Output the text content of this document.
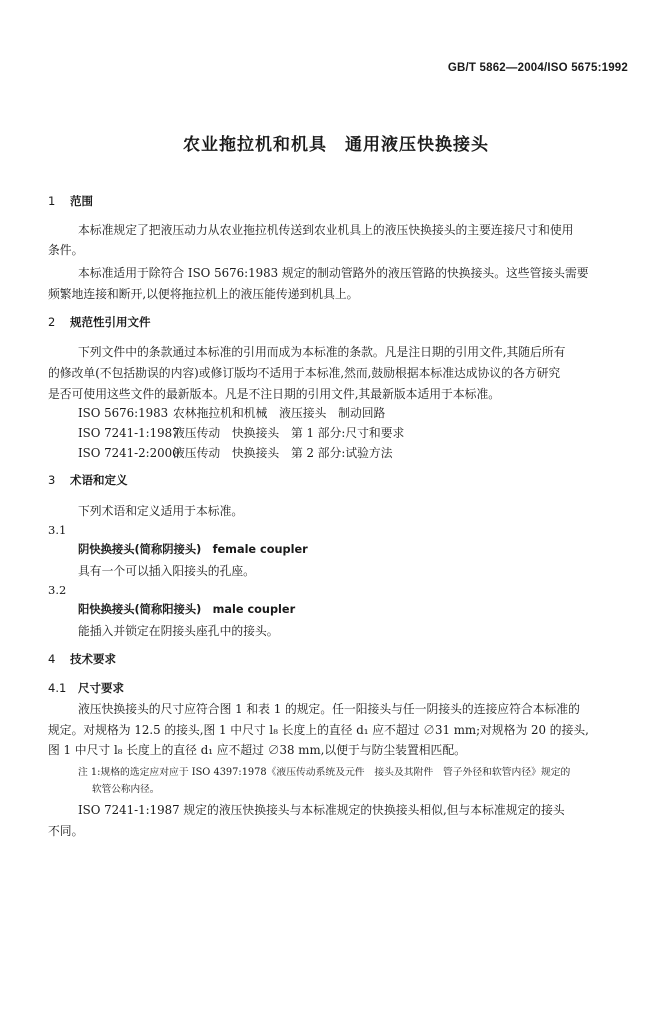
GB/T 5862—2004/ISO 5675:1992
农业拖拉机和机具 通用液压快换接头
1 范围
本标准规定了把液压动力从农业拖拉机传送到农业机具上的液压快换接头的主要连接尺寸和使用
条件。
本标准适用于除符合 ISO 5676:1983 规定的制动管路外的液压管路的快换接头。这些管接头需要
频繁地连接和断开,以便将拖拉机上的液压能传递到机具上。
2 规范性引用文件
下列文件中的条款通过本标准的引用而成为本标准的条款。凡是注日期的引用文件,其随后所有
的修改单(不包括勘误的内容)或修订版均不适用于本标准,然而,鼓励根据本标准达成协议的各方研究
是否可使用这些文件的最新版本。凡是不注日期的引用文件,其最新版本适用于本标准。
ISO 5676:1983 农林拖拉机和机械　液压接头　制动回路
ISO 7241-1:1987液压传动　快换接头　第 1 部分:尺寸和要求
ISO 7241-2:2000液压传动　快换接头　第 2 部分:试验方法
3 术语和定义
下列术语和定义适用于本标准。
3.1
阴快换接头(简称阴接头)　female coupler
具有一个可以插入阳接头的孔座。
3.2
阳快换接头(简称阳接头)　male coupler
能插入并锁定在阴接头座孔中的接头。
4 技术要求
4.1 尺寸要求
液压快换接头的尺寸应符合图 1 和表 1 的规定。任一阳接头与任一阴接头的连接应符合本标准的
规定。对规格为 12.5 的接头,图 1 中尺寸 l₈ 长度上的直径 d₁ 应不超过 ∅31 mm;对规格为 20 的接头,
图 1 中尺寸 l₈ 长度上的直径 d₁ 应不超过 ∅38 mm,以便于与防尘装置相匹配。
注 1:规格的选定应对应于 ISO 4397:1978《液压传动系统及元件　接头及其附件　管子外径和软管内径》规定的
软管公称内径。
ISO 7241-1:1987 规定的液压快换接头与本标准规定的快换接头相似,但与本标准规定的接头
不同。
